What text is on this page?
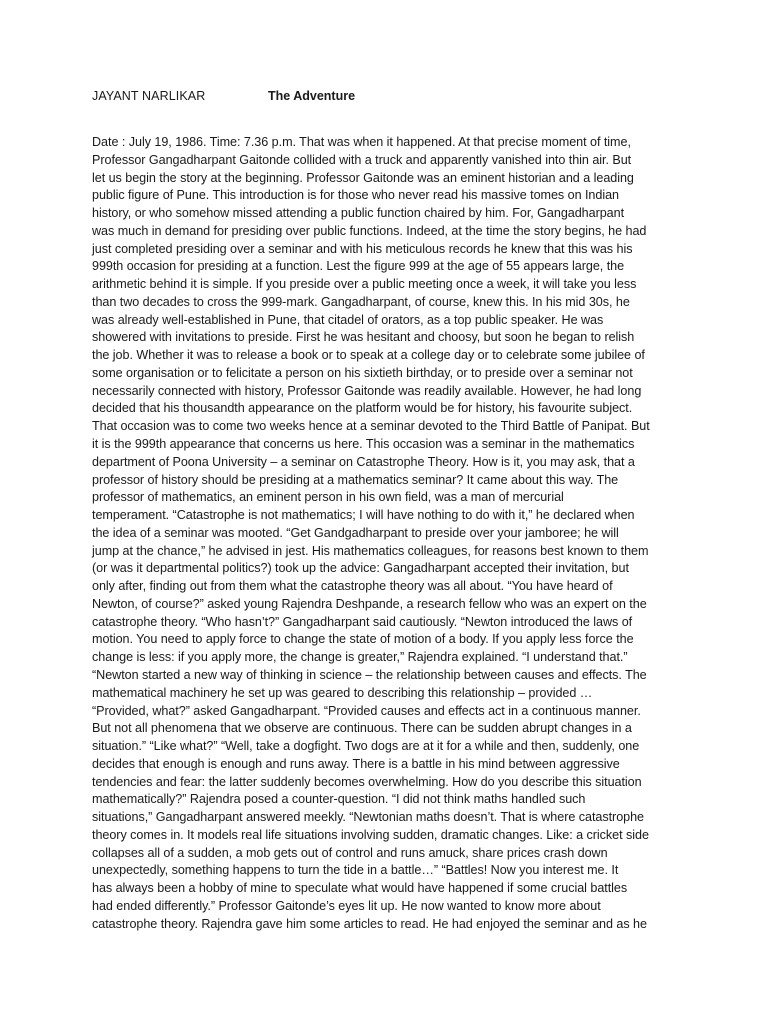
JAYANT NARLIKAR	The Adventure
Date : July 19, 1986. Time: 7.36 p.m. That was when it happened. At that precise moment of time,
Professor Gangadharpant Gaitonde collided with a truck and apparently vanished into thin air. But
let us begin the story at the beginning. Professor Gaitonde was an eminent historian and a leading
public figure of Pune. This introduction is for those who never read his massive tomes on Indian
history, or who somehow missed attending a public function chaired by him. For, Gangadharpant
was much in demand for presiding over public functions. Indeed, at the time the story begins, he had
just completed presiding over a seminar and with his meticulous records he knew that this was his
999th occasion for presiding at a function. Lest the figure 999 at the age of 55 appears large, the
arithmetic behind it is simple. If you preside over a public meeting once a week, it will take you less
than two decades to cross the 999-mark. Gangadharpant, of course, knew this. In his mid 30s, he
was already well-established in Pune, that citadel of orators, as a top public speaker. He was
showered with invitations to preside. First he was hesitant and choosy, but soon he began to relish
the job. Whether it was to release a book or to speak at a college day or to celebrate some jubilee of
some organisation or to felicitate a person on his sixtieth birthday, or to preside over a seminar not
necessarily connected with history, Professor Gaitonde was readily available. However, he had long
decided that his thousandth appearance on the platform would be for history, his favourite subject.
That occasion was to come two weeks hence at a seminar devoted to the Third Battle of Panipat. But
it is the 999th appearance that concerns us here. This occasion was a seminar in the mathematics
department of Poona University – a seminar on Catastrophe Theory. How is it, you may ask, that a
professor of history should be presiding at a mathematics seminar? It came about this way. The
professor of mathematics, an eminent person in his own field, was a man of mercurial
temperament. “Catastrophe is not mathematics; I will have nothing to do with it,” he declared when
the idea of a seminar was mooted. “Get Gandgadharpant to preside over your jamboree; he will
jump at the chance,” he advised in jest. His mathematics colleagues, for reasons best known to them
(or was it departmental politics?) took up the advice: Gangadharpant accepted their invitation, but
only after, finding out from them what the catastrophe theory was all about. “You have heard of
Newton, of course?” asked young Rajendra Deshpande, a research fellow who was an expert on the
catastrophe theory. “Who hasn’t?” Gangadharpant said cautiously. “Newton introduced the laws of
motion. You need to apply force to change the state of motion of a body. If you apply less force the
change is less: if you apply more, the change is greater,” Rajendra explained. “I understand that.”
“Newton started a new way of thinking in science – the relationship between causes and effects. The
mathematical machinery he set up was geared to describing this relationship – provided …
“Provided, what?” asked Gangadharpant. “Provided causes and effects act in a continuous manner.
But not all phenomena that we observe are continuous. There can be sudden abrupt changes in a
situation.” “Like what?” “Well, take a dogfight. Two dogs are at it for a while and then, suddenly, one
decides that enough is enough and runs away. There is a battle in his mind between aggressive
tendencies and fear: the latter suddenly becomes overwhelming. How do you describe this situation
mathematically?” Rajendra posed a counter-question. “I did not think maths handled such
situations,” Gangadharpant answered meekly. “Newtonian maths doesn’t. That is where catastrophe
theory comes in. It models real life situations involving sudden, dramatic changes. Like: a cricket side
collapses all of a sudden, a mob gets out of control and runs amuck, share prices crash down
unexpectedly, something happens to turn the tide in a battle…” “Battles! Now you interest me. It
has always been a hobby of mine to speculate what would have happened if some crucial battles
had ended differently.” Professor Gaitonde’s eyes lit up. He now wanted to know more about
catastrophe theory. Rajendra gave him some articles to read. He had enjoyed the seminar and as he
